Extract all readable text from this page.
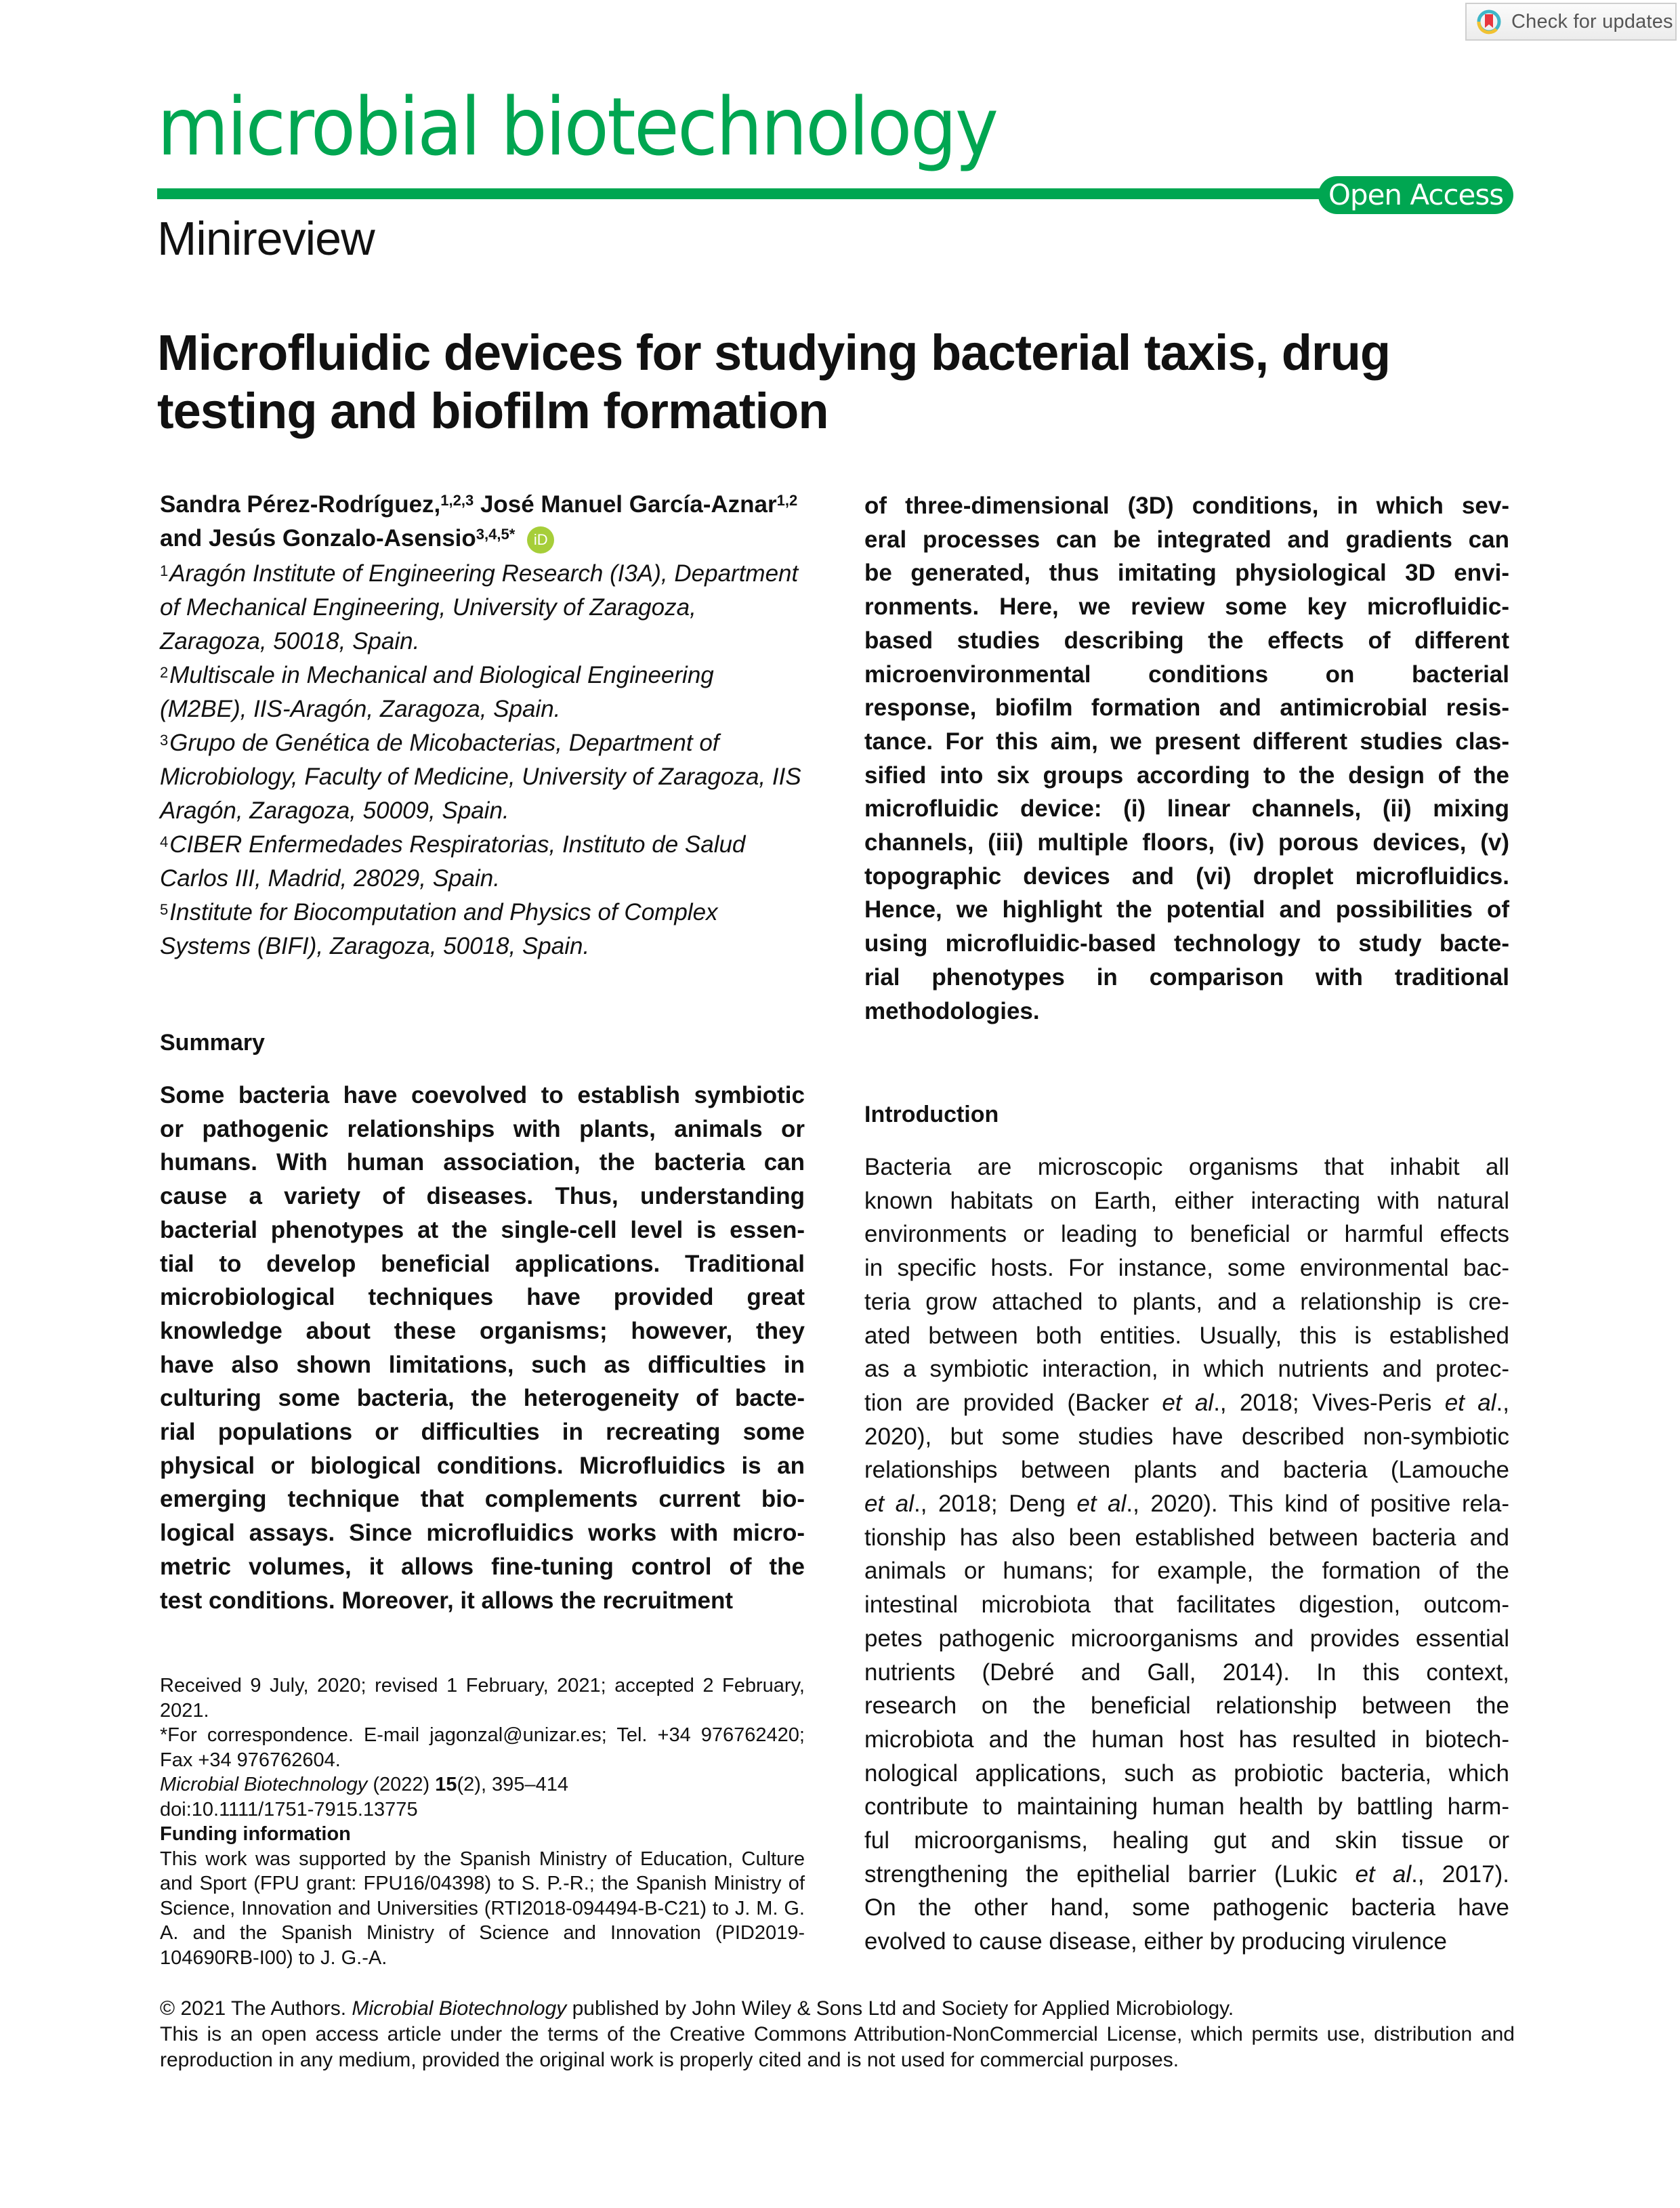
Check for updates
microbial biotechnology
Open Access
Minireview
Microfluidic devices for studying bacterial taxis, drug testing and biofilm formation
Sandra Pérez-Rodríguez,$^{1,2,3}$ José Manuel García-Aznar$^{1,2}$ and Jesús Gonzalo-Asensio$^{3,4,5*}$ iD

$^1$Aragón Institute of Engineering Research (I3A), Department of Mechanical Engineering, University of Zaragoza, Zaragoza, 50018, Spain.

$^2$Multiscale in Mechanical and Biological Engineering (M2BE), IIS-Aragón, Zaragoza, Spain.

$^3$Grupo de Genética de Micobacterias, Department of Microbiology, Faculty of Medicine, University of Zaragoza, IIS Aragón, Zaragoza, 50009, Spain.

$^4$CIBER Enfermedades Respiratorias, Instituto de Salud Carlos III, Madrid, 28029, Spain.

$^5$Institute for Biocomputation and Physics of Complex Systems (BIFI), Zaragoza, 50018, Spain.

Summary
Some bacteria have coevolved to establish symbiotic
or pathogenic relationships with plants, animals or
humans. With human association, the bacteria can
cause a variety of diseases. Thus, understanding
bacterial phenotypes at the single-cell level is essen-
tial to develop beneficial applications. Traditional
microbiological techniques have provided great
knowledge about these organisms; however, they
have also shown limitations, such as difficulties in
culturing some bacteria, the heterogeneity of bacte-
rial populations or difficulties in recreating some
physical or biological conditions. Microfluidics is an
emerging technique that complements current bio-
logical assays. Since microfluidics works with micro-
metric volumes, it allows fine-tuning control of the
test conditions. Moreover, it allows the recruitment

Received 9 July, 2020; revised 1 February, 2021; accepted 2 February, 2021.

*For correspondence. E-mail jagonzal@unizar.es; Tel. +34 976762420; Fax +34 976762604.

Microbial Biotechnology (2022) 15(2), 395–414

doi:10.1111/1751-7915.13775

Funding information

This work was supported by the Spanish Ministry of Education, Culture and Sport (FPU grant: FPU16/04398) to S. P.-R.; the Spanish Ministry of Science, Innovation and Universities (RTI2018-094494-B-C21) to J. M. G. A. and the Spanish Ministry of Science and Innovation (PID2019-104690RB-I00) to J. G.-A.

of three-dimensional (3D) conditions, in which sev-
eral processes can be integrated and gradients can
be generated, thus imitating physiological 3D envi-
ronments. Here, we review some key microfluidic-
based studies describing the effects of different
microenvironmental conditions on bacterial
response, biofilm formation and antimicrobial resis-
tance. For this aim, we present different studies clas-
sified into six groups according to the design of the
microfluidic device: (i) linear channels, (ii) mixing
channels, (iii) multiple floors, (iv) porous devices, (v)
topographic devices and (vi) droplet microfluidics.
Hence, we highlight the potential and possibilities of
using microfluidic-based technology to study bacte-
rial phenotypes in comparison with traditional
methodologies.
Introduction
Bacteria are microscopic organisms that inhabit all
known habitats on Earth, either interacting with natural
environments or leading to beneficial or harmful effects
in specific hosts. For instance, some environmental bac-
teria grow attached to plants, and a relationship is cre-
ated between both entities. Usually, this is established
as a symbiotic interaction, in which nutrients and protec-
tion are provided (Backer et al., 2018; Vives-Peris et al.,
2020), but some studies have described non-symbiotic
relationships between plants and bacteria (Lamouche
et al., 2018; Deng et al., 2020). This kind of positive rela-
tionship has also been established between bacteria and
animals or humans; for example, the formation of the
intestinal microbiota that facilitates digestion, outcom-
petes pathogenic microorganisms and provides essential
nutrients (Debré and Gall, 2014). In this context,
research on the beneficial relationship between the
microbiota and the human host has resulted in biotech-
nological applications, such as probiotic bacteria, which
contribute to maintaining human health by battling harm-
ful microorganisms, healing gut and skin tissue or
strengthening the epithelial barrier (Lukic et al., 2017).
On the other hand, some pathogenic bacteria have
evolved to cause disease, either by producing virulence

© 2021 The Authors. Microbial Biotechnology published by John Wiley & Sons Ltd and Society for Applied Microbiology.

This is an open access article under the terms of the Creative Commons Attribution-NonCommercial License, which permits use, distribution and reproduction in any medium, provided the original work is properly cited and is not used for commercial purposes.
